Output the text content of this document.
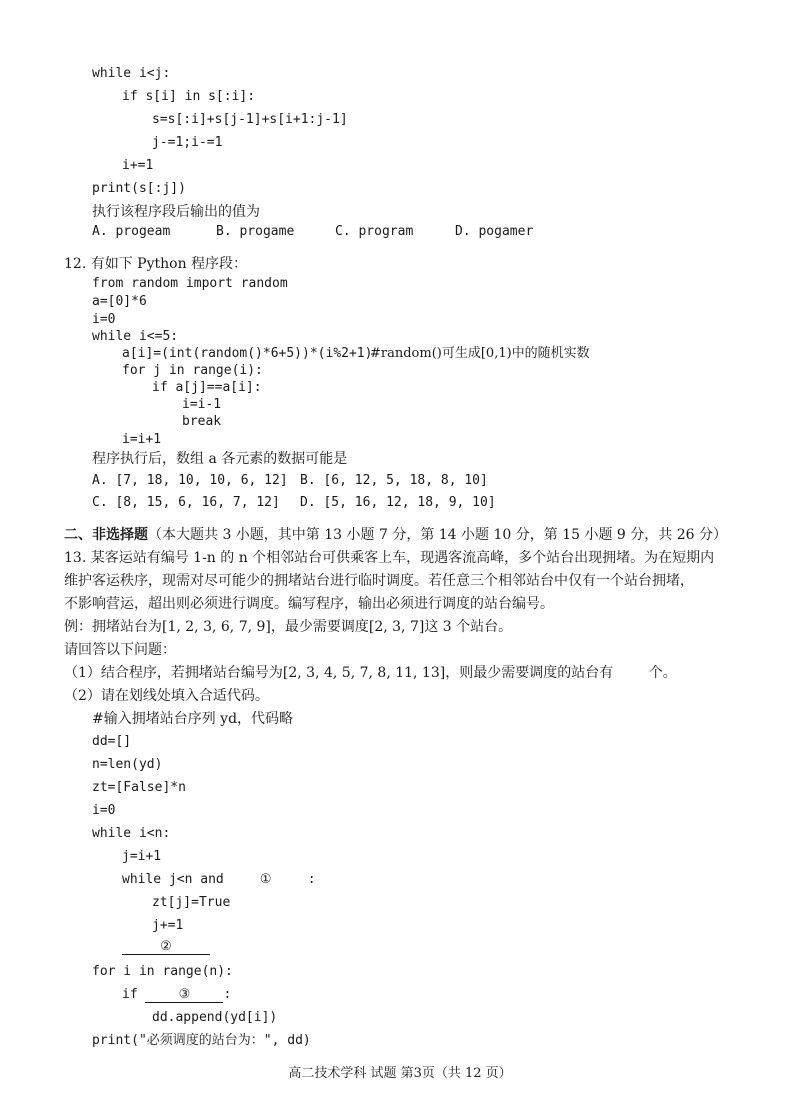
while i<j:
if s[i] in s[:i]:
s=s[:i]+s[j-1]+s[i+1:j-1]
j-=1;i-=1
i+=1
print(s[:j])
执行该程序段后输出的值为
A. progeam	B. progame	C. program	D. pogamer
12. 有如下 Python 程序段：
from random import random
a=[0]*6
i=0
while i<=5:
a[i]=(int(random()*6+5))*(i%2+1)
#random()可生成[0,1)中的随机实数
for j in range(i):
if a[j]==a[i]:
i=i-1
break
i=i+1
程序执行后，数组 a 各元素的数据可能是
A. [7, 18, 10, 10, 6, 12] B. [6, 12, 5, 18, 8, 10]
C. [8, 15, 6, 16, 7, 12] D. [5, 16, 12, 18, 9, 10]
二、非选择题（本大题共 3 小题，其中第 13 小题 7 分，第 14 小题 10 分，第 15 小题 9 分，共 26 分）
13. 某客运站有编号 1-n 的 n 个相邻站台可供乘客上车，现遇客流高峰，多个站台出现拥堵。为在短期内
维护客运秩序，现需对尽可能少的拥堵站台进行临时调度。若任意三个相邻站台中仅有一个站台拥堵，
不影响营运，超出则必须进行调度。编写程序，输出必须进行调度的站台编号。
例：拥堵站台为[1, 2, 3, 6, 7, 9]，最少需要调度[2, 3, 7]这 3 个站台。
请回答以下问题：
（1）结合程序，若拥堵站台编号为[2, 3, 4, 5, 7, 8, 11, 13]，则最少需要调度的站台有        个。
（2）请在划线处填入合适代码。
#输入拥堵站台序列 yd，代码略
dd=[]
n=len(yd)
zt=[False]*n
i=0
while i<n:
j=i+1
while j<n and	①	:
zt[j]=True
j+=1
②
for i in range(n):
if	③	:
dd.append(yd[i])
print("必须调度的站台为：", dd)
高二技术学科 试题 第3页（共 12 页）
